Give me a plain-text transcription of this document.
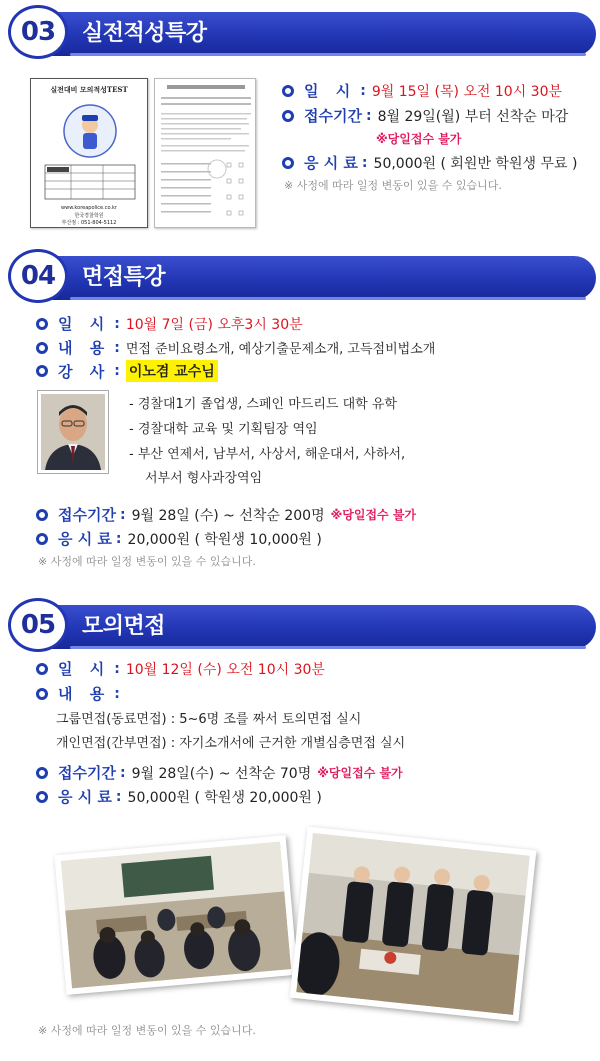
03	실전적성특강
실전대비 모의적성TEST
www.koreapolice.co.kr
한국경찰학원
부산점 : 051-804-5112
일 시 : 9월 15일 (목) 오전 10시 30분
접수기간 : 8월 29일(월) 부터 선착순 마감
※당일접수 불가
응 시 료 : 50,000원 ( 회원반 학원생 무료 )
※ 사정에 따라 일정 변동이 있을 수 있습니다.
04	면접특강
일 시 : 10월 7일 (금) 오후3시 30분
내 용 : 면접 준비요령소개, 예상기출문제소개, 고득점비법소개
강 사 : 이노겸 교수님
- 경찰대1기 졸업생, 스페인 마드리드 대학 유학
- 경찰대학 교육 및 기획팀장 역임
- 부산 연제서, 남부서, 사상서, 해운대서, 사하서,
서부서 형사과장역임
접수기간 : 9월 28일 (수) ~ 선착순 200명 ※당일접수 불가
응 시 료 : 20,000원 ( 학원생 10,000원 )
※ 사정에 따라 일정 변동이 있을 수 있습니다.
05	모의면접
일 시 : 10월 12일 (수) 오전 10시 30분
내 용 :
그룹면접(동료면접) : 5~6명 조를 짜서 토의면접 실시
개인면접(간부면접) : 자기소개서에 근거한 개별심층면접 실시
접수기간 : 9월 28일(수) ~ 선착순 70명 ※당일접수 불가
응 시 료 : 50,000원 ( 학원생 20,000원 )
※ 사정에 따라 일정 변동이 있을 수 있습니다.
